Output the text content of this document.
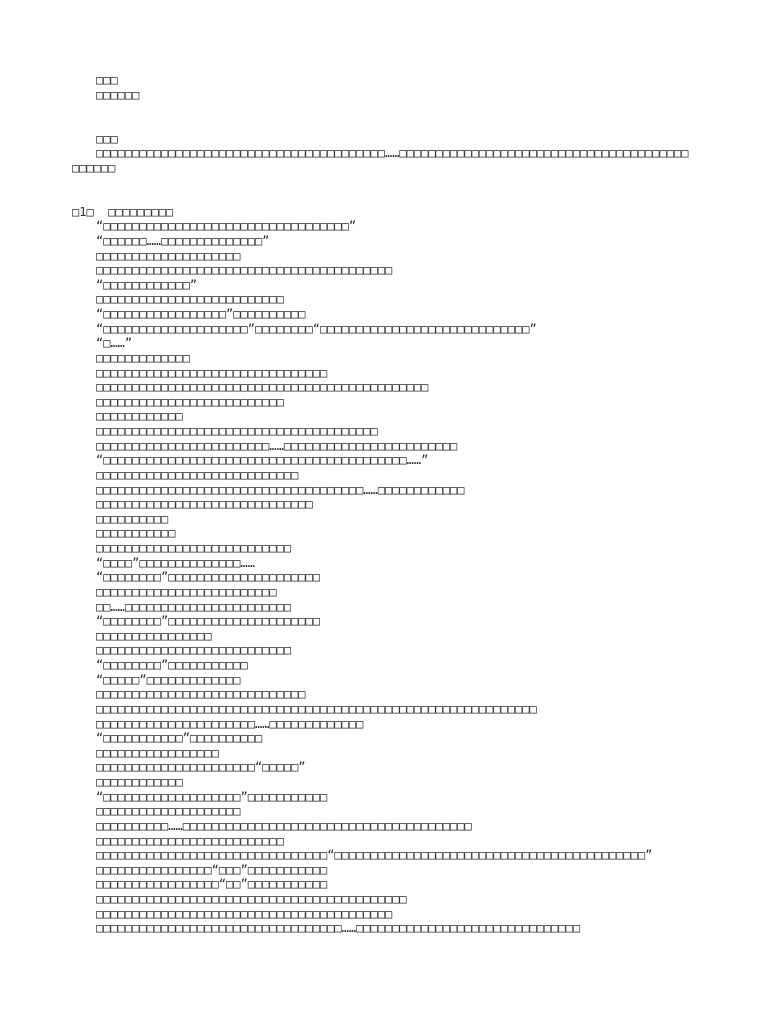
□□□
□□□□□□
□□□
□□□□□□□□□□□□□□□□□□□□□□□□□□□□□□□□□□□□□□□□……□□□□□□□□□□□□□□□□□□□□□□□□□□□□□□□□□□□□□□□□
□□□□□□
□1□  □□□□□□□□□
“□□□□□□□□□□□□□□□□□□□□□□□□□□□□□□□□□□”
“□□□□□□……□□□□□□□□□□□□□□”
□□□□□□□□□□□□□□□□□□□□
□□□□□□□□□□□□□□□□□□□□□□□□□□□□□□□□□□□□□□□□□
“□□□□□□□□□□□□”
□□□□□□□□□□□□□□□□□□□□□□□□□□
“□□□□□□□□□□□□□□□□□”□□□□□□□□□□
“□□□□□□□□□□□□□□□□□□□□”□□□□□□□□“□□□□□□□□□□□□□□□□□□□□□□□□□□□□□”
“□……”
□□□□□□□□□□□□□
□□□□□□□□□□□□□□□□□□□□□□□□□□□□□□□□
□□□□□□□□□□□□□□□□□□□□□□□□□□□□□□□□□□□□□□□□□□□□□□
□□□□□□□□□□□□□□□□□□□□□□□□□□
□□□□□□□□□□□□
□□□□□□□□□□□□□□□□□□□□□□□□□□□□□□□□□□□□□□□
□□□□□□□□□□□□□□□□□□□□□□□□……□□□□□□□□□□□□□□□□□□□□□□□□
“□□□□□□□□□□□□□□□□□□□□□□□□□□□□□□□□□□□□□□□□□□……”
□□□□□□□□□□□□□□□□□□□□□□□□□□□□
□□□□□□□□□□□□□□□□□□□□□□□□□□□□□□□□□□□□□……□□□□□□□□□□□□
□□□□□□□□□□□□□□□□□□□□□□□□□□□□□□
□□□□□□□□□□
□□□□□□□□□□□
□□□□□□□□□□□□□□□□□□□□□□□□□□□
“□□□□”□□□□□□□□□□□□□□……
“□□□□□□□□”□□□□□□□□□□□□□□□□□□□□□
□□□□□□□□□□□□□□□□□□□□□□□□□
□□……□□□□□□□□□□□□□□□□□□□□□□□
“□□□□□□□□”□□□□□□□□□□□□□□□□□□□□□
□□□□□□□□□□□□□□□□
□□□□□□□□□□□□□□□□□□□□□□□□□□□
“□□□□□□□□”□□□□□□□□□□□
“□□□□□”□□□□□□□□□□□□□
□□□□□□□□□□□□□□□□□□□□□□□□□□□□□
□□□□□□□□□□□□□□□□□□□□□□□□□□□□□□□□□□□□□□□□□□□□□□□□□□□□□□□□□□□□□
□□□□□□□□□□□□□□□□□□□□□□……□□□□□□□□□□□□□
“□□□□□□□□□□□”□□□□□□□□□□
□□□□□□□□□□□□□□□□□
□□□□□□□□□□□□□□□□□□□□□□“□□□□□”
□□□□□□□□□□□□
“□□□□□□□□□□□□□□□□□□□”□□□□□□□□□□□
□□□□□□□□□□□□□□□□□□□□
□□□□□□□□□□……□□□□□□□□□□□□□□□□□□□□□□□□□□□□□□□□□□□□□□□□
□□□□□□□□□□□□□□□□□□□□□□□□□□
□□□□□□□□□□□□□□□□□□□□□□□□□□□□□□□□“□□□□□□□□□□□□□□□□□□□□□□□□□□□□□□□□□□□□□□□□□□□”
□□□□□□□□□□□□□□□□“□□□”□□□□□□□□□□□
□□□□□□□□□□□□□□□□□“□□”□□□□□□□□□□□
□□□□□□□□□□□□□□□□□□□□□□□□□□□□□□□□□□□□□□□□□□□
□□□□□□□□□□□□□□□□□□□□□□□□□□□□□□□□□□□□□□□□□
□□□□□□□□□□□□□□□□□□□□□□□□□□□□□□□□□□……□□□□□□□□□□□□□□□□□□□□□□□□□□□□□□□
